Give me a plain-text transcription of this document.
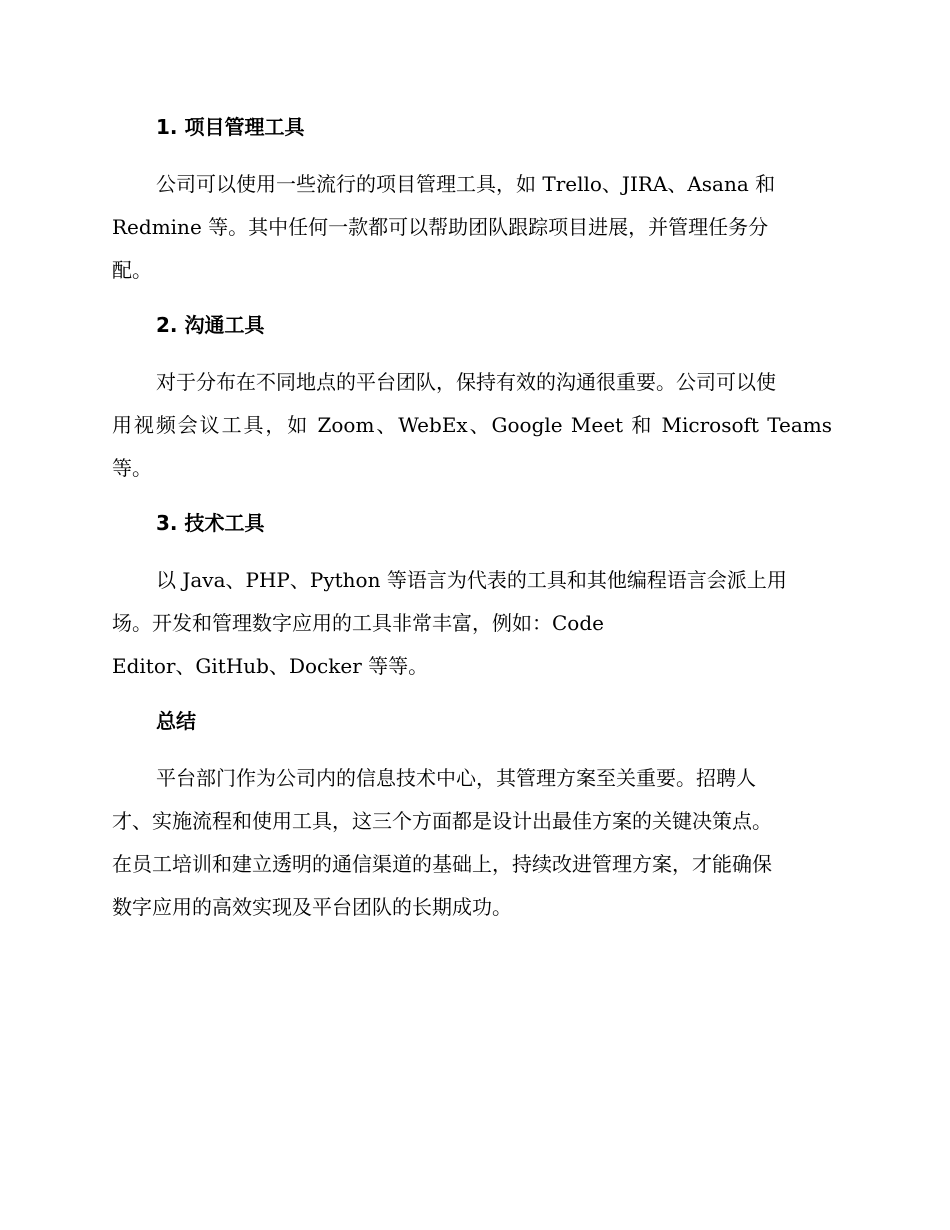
1. 项目管理工具

公司可以使用一些流行的项目管理工具，如 Trello、JIRA、Asana 和
Redmine 等。其中任何一款都可以帮助团队跟踪项目进展，并管理任务分
配。

2. 沟通工具

对于分布在不同地点的平台团队，保持有效的沟通很重要。公司可以使
用视频会议工具，如 Zoom、WebEx、Google Meet 和 Microsoft Teams 等。

3. 技术工具

以 Java、PHP、Python 等语言为代表的工具和其他编程语言会派上用
场。开发和管理数字应用的工具非常丰富，例如：Code
Editor、GitHub、Docker 等等。

总结

平台部门作为公司内的信息技术中心，其管理方案至关重要。招聘人
才、实施流程和使用工具，这三个方面都是设计出最佳方案的关键决策点。
在员工培训和建立透明的通信渠道的基础上，持续改进管理方案，才能确保
数字应用的高效实现及平台团队的长期成功。
